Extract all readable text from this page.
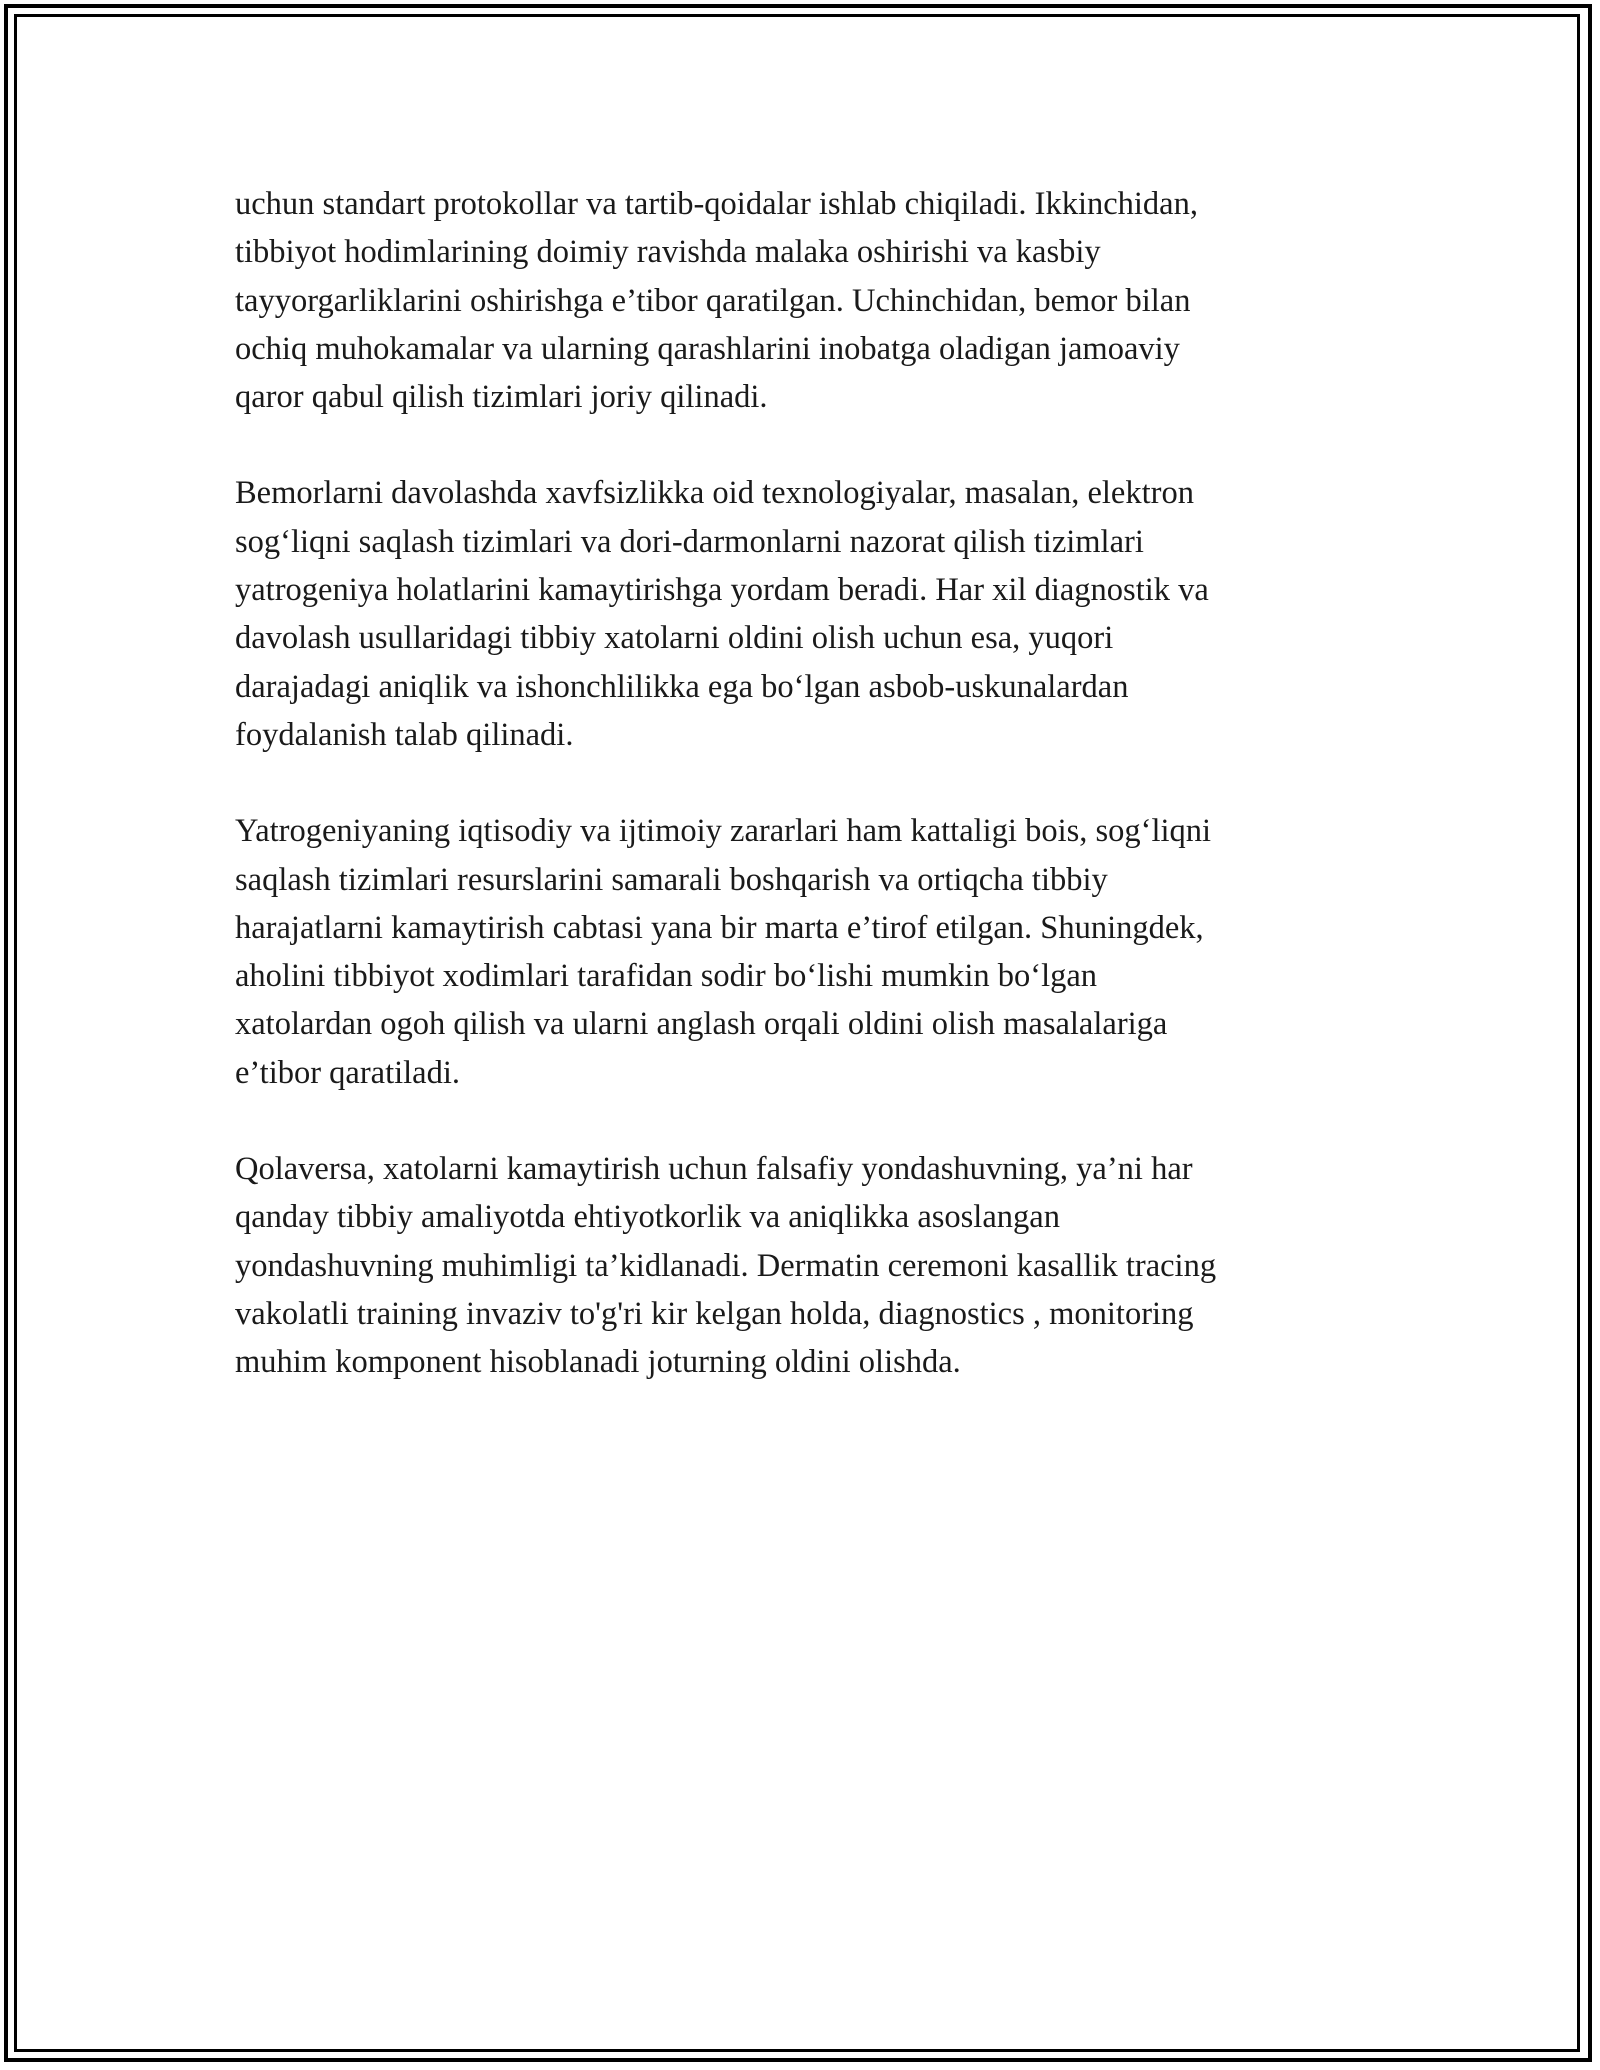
uchun standart protokollar va tartib-qoidalar ishlab chiqiladi. Ikkinchidan,
tibbiyot hodimlarining doimiy ravishda malaka oshirishi va kasbiy
tayyorgarliklarini oshirishga e’tibor qaratilgan. Uchinchidan, bemor bilan
ochiq muhokamalar va ularning qarashlarini inobatga oladigan jamoaviy
qaror qabul qilish tizimlari joriy qilinadi.

Bemorlarni davolashda xavfsizlikka oid texnologiyalar, masalan, elektron
sog‘liqni saqlash tizimlari va dori-darmonlarni nazorat qilish tizimlari
yatrogeniya holatlarini kamaytirishga yordam beradi. Har xil diagnostik va
davolash usullaridagi tibbiy xatolarni oldini olish uchun esa, yuqori
darajadagi aniqlik va ishonchlilikka ega bo‘lgan asbob-uskunalardan
foydalanish talab qilinadi.

Yatrogeniyaning iqtisodiy va ijtimoiy zararlari ham kattaligi bois, sog‘liqni
saqlash tizimlari resurslarini samarali boshqarish va ortiqcha tibbiy
harajatlarni kamaytirish cabtasi yana bir marta e’tirof etilgan. Shuningdek,
aholini tibbiyot xodimlari tarafidan sodir bo‘lishi mumkin bo‘lgan
xatolardan ogoh qilish va ularni anglash orqali oldini olish masalalariga
e’tibor qaratiladi.

Qolaversa, xatolarni kamaytirish uchun falsafiy yondashuvning, ya’ni har
qanday tibbiy amaliyotda ehtiyotkorlik va aniqlikka asoslangan
yondashuvning muhimligi ta’kidlanadi. Dermatin ceremoni kasallik tracing
vakolatli training invaziv to'g'ri kir kelgan holda, diagnostics , monitoring
muhim komponent hisoblanadi joturning oldini olishda.
